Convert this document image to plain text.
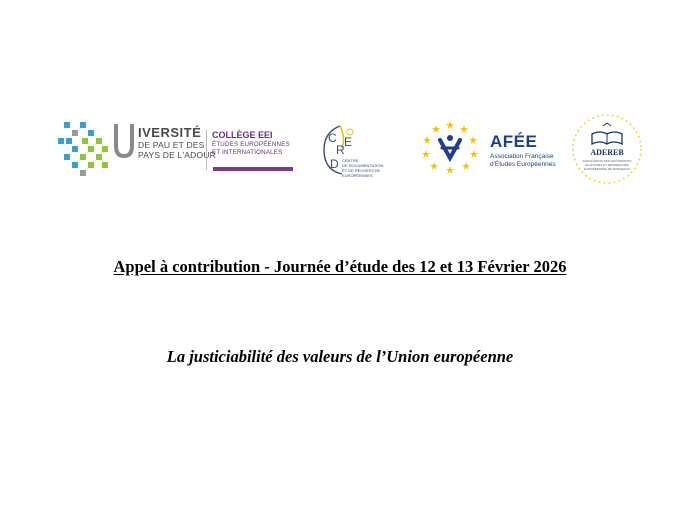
IVERSITÉ
DE PAU ET DES
PAYS DE L'ADOUR
COLLÈGE EEI
ÉTUDES EUROPÉENNES
ET INTERNATIONALES
C
R
E
D CENTRE
DE DOCUMENTATION
ET DE RECHERCHE EUROPÉENNES
AFÉE
Association Française
d'Études Européennes
ADEREB
ASSOCIATION DES DOCTORANTS EN ÉTUDES ET RECHERCHES EUROPÉENNES DE BORDEAUX
Appel à contribution - Journée d’étude des 12 et 13 Février 2026
La justiciabilité des valeurs de l’Union européenne
